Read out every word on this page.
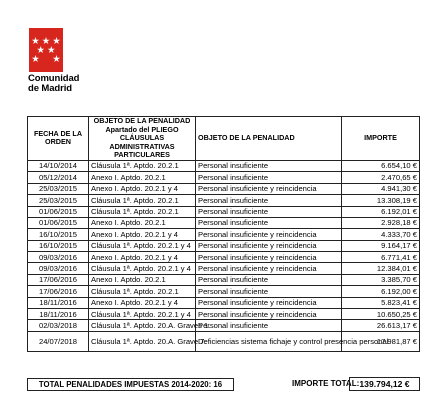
Comunidad
de Madrid
FECHA DE LA ORDEN	OBJETO DE LA PENALIDAD Apartado del PLIEGO CLÁUSULAS ADMINISTRATIVAS PARTICULARES	OBJETO DE LA PENALIDAD	IMPORTE
14/10/2014	Cláusula 1ª. Aptdo. 20.2.1	Personal insuficiente	6.654,10 €
05/12/2014	Anexo I. Aptdo. 20.2.1	Personal insuficiente	2.470,65 €
25/03/2015	Anexo I. Aptdo. 20.2.1 y 4	Personal insuficiente y reincidencia	4.941,30 €
25/03/2015	Cláusula 1ª. Aptdo. 20.2.1	Personal insuficiente	13.308,19 €
01/06/2015	Cláusula 1ª. Aptdo. 20.2.1	Personal insuficiente	6.192,01 €
01/06/2015	Anexo I. Aptdo. 20.2.1	Personal insuficiente	2.928,18 €
16/10/2015	Anexo I. Aptdo. 20.2.1 y 4	Personal insuficiente y reincidencia	4.333,70 €
16/10/2015	Cláusula 1ª. Aptdo. 20.2.1 y 4	Personal insuficiente y reincidencia	9.164,17 €
09/03/2016	Anexo I. Aptdo. 20.2.1 y 4	Personal insuficiente y reincidencia	6.771,41 €
09/03/2016	Cláusula 1ª. Aptdo. 20.2.1 y 4	Personal insuficiente y reincidencia	12.384,01 €
17/06/2016	Anexo I. Aptdo. 20.2.1	Personal insuficiente	3.385,70 €
17/06/2016	Cláusula 1ª. Aptdo. 20.2.1	Personal insuficiente	6.192,00 €
18/11/2016	Anexo I. Aptdo. 20.2.1 y 4	Personal insuficiente y reincidencia	5.823,41 €
18/11/2016	Cláusula 1ª. Aptdo. 20.2.1 y 4	Personal insuficiente y reincidencia	10.650,25 €
02/03/2018	Cláusula 1ª. Aptdo. 20.A. Graves 1.	Personal insuficiente	26.613,17 €
24/07/2018	Cláusula 1ª. Aptdo. 20.A. Grave 7.	Deficiencias sistema fichaje y control presencia personal	17.981,87 €
TOTAL PENALIDADES IMPUESTAS 2014-2020: 16	IMPORTE TOTAL: 139.794,12 €
